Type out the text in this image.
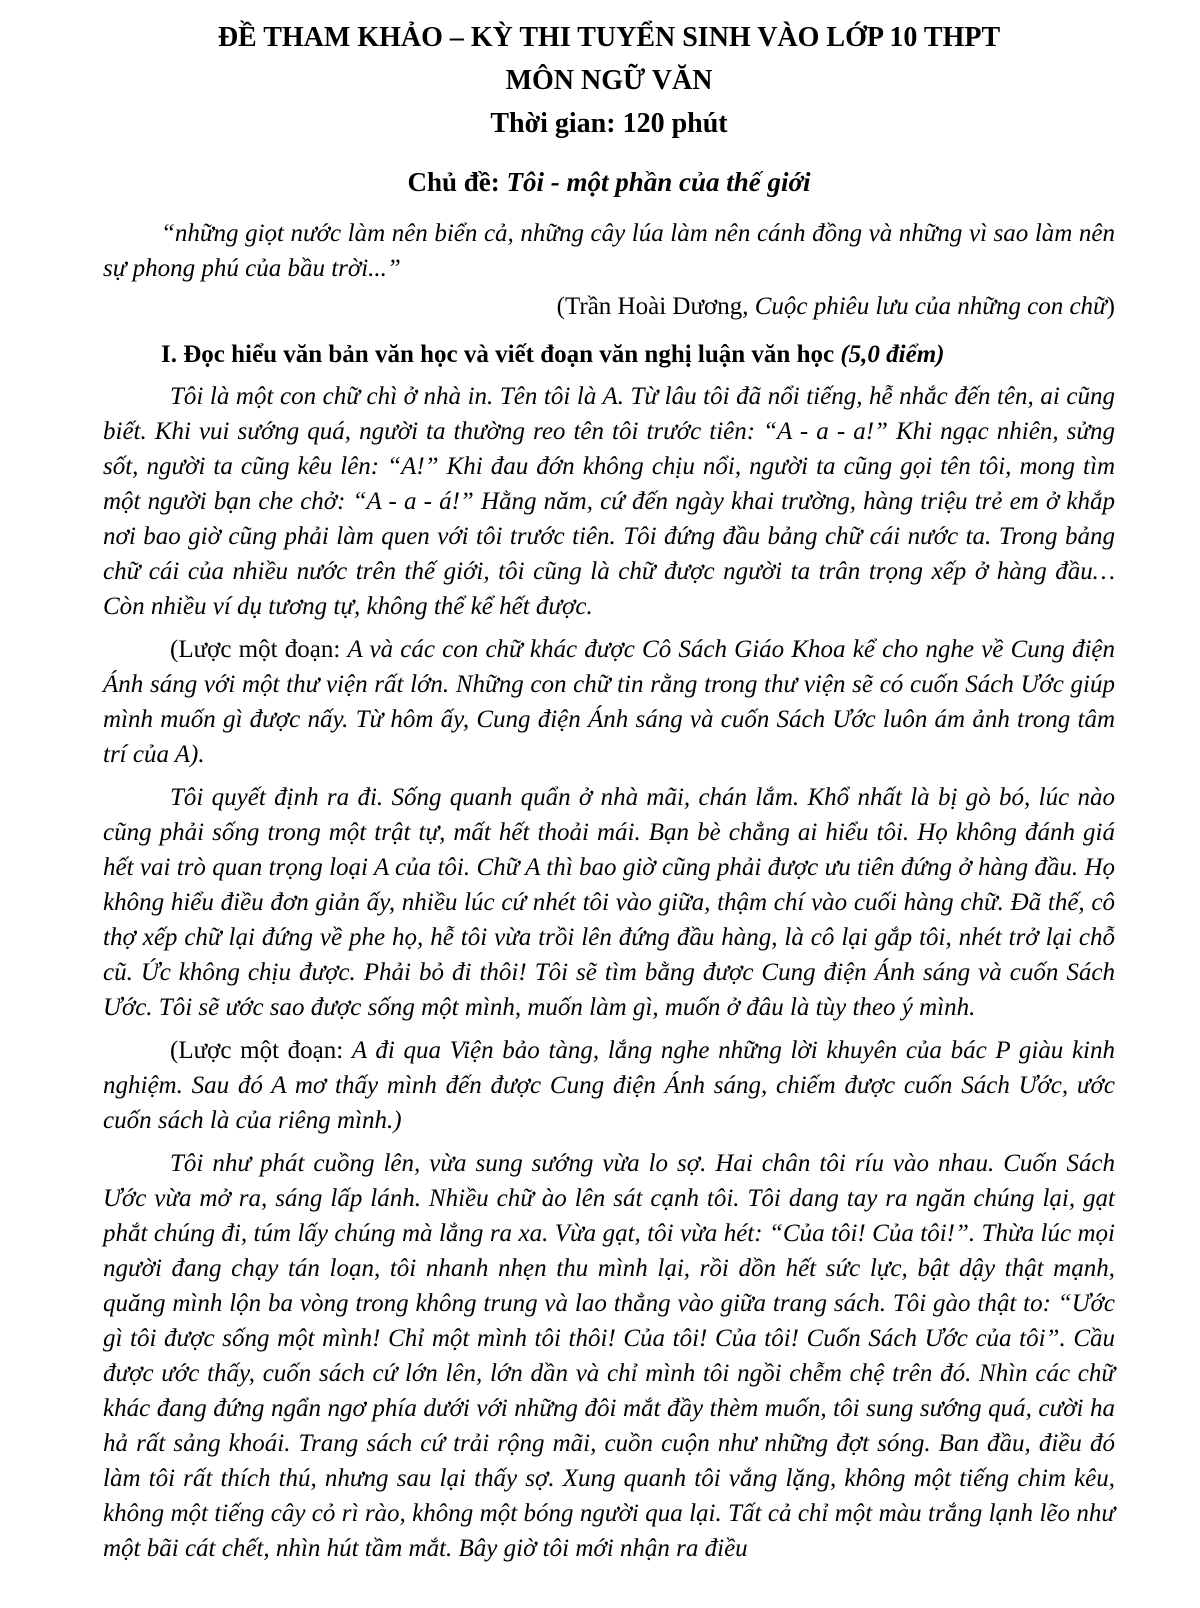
ĐỀ THAM KHẢO – KỲ THI TUYỂN SINH VÀO LỚP 10 THPT
MÔN NGỮ VĂN
Thời gian: 120 phút

Chủ đề: Tôi - một phần của thế giới

“những giọt nước làm nên biển cả, những cây lúa làm nên cánh đồng và những vì sao làm nên sự phong phú của bầu trời...”

(Trần Hoài Dương, Cuộc phiêu lưu của những con chữ)

I. Đọc hiểu văn bản văn học và viết đoạn văn nghị luận văn học (5,0 điểm)

Tôi là một con chữ chì ở nhà in. Tên tôi là A. Từ lâu tôi đã nổi tiếng, hễ nhắc đến tên, ai cũng biết. Khi vui sướng quá, người ta thường reo tên tôi trước tiên: “A - a - a!” Khi ngạc nhiên, sửng sốt, người ta cũng kêu lên: “A!” Khi đau đớn không chịu nổi, người ta cũng gọi tên tôi, mong tìm một người bạn che chở: “A - a - á!” Hằng năm, cứ đến ngày khai trường, hàng triệu trẻ em ở khắp nơi bao giờ cũng phải làm quen với tôi trước tiên. Tôi đứng đầu bảng chữ cái nước ta. Trong bảng chữ cái của nhiều nước trên thế giới, tôi cũng là chữ được người ta trân trọng xếp ở hàng đầu… Còn nhiều ví dụ tương tự, không thể kể hết được.

(Lược một đoạn: A và các con chữ khác được Cô Sách Giáo Khoa kể cho nghe về Cung điện Ánh sáng với một thư viện rất lớn. Những con chữ tin rằng trong thư viện sẽ có cuốn Sách Ước giúp mình muốn gì được nấy. Từ hôm ấy, Cung điện Ánh sáng và cuốn Sách Ước luôn ám ảnh trong tâm trí của A).

Tôi quyết định ra đi. Sống quanh quẩn ở nhà mãi, chán lắm. Khổ nhất là bị gò bó, lúc nào cũng phải sống trong một trật tự, mất hết thoải mái. Bạn bè chẳng ai hiểu tôi. Họ không đánh giá hết vai trò quan trọng loại A của tôi. Chữ A thì bao giờ cũng phải được ưu tiên đứng ở hàng đầu. Họ không hiểu điều đơn giản ấy, nhiều lúc cứ nhét tôi vào giữa, thậm chí vào cuối hàng chữ. Đã thế, cô thợ xếp chữ lại đứng về phe họ, hễ tôi vừa trồi lên đứng đầu hàng, là cô lại gắp tôi, nhét trở lại chỗ cũ. Ức không chịu được. Phải bỏ đi thôi! Tôi sẽ tìm bằng được Cung điện Ánh sáng và cuốn Sách Ước. Tôi sẽ ước sao được sống một mình, muốn làm gì, muốn ở đâu là tùy theo ý mình.

(Lược một đoạn: A đi qua Viện bảo tàng, lắng nghe những lời khuyên của bác P giàu kinh nghiệm. Sau đó A mơ thấy mình đến được Cung điện Ánh sáng, chiếm được cuốn Sách Ước, ước cuốn sách là của riêng mình.)

Tôi như phát cuồng lên, vừa sung sướng vừa lo sợ. Hai chân tôi ríu vào nhau. Cuốn Sách Ước vừa mở ra, sáng lấp lánh. Nhiều chữ ào lên sát cạnh tôi. Tôi dang tay ra ngăn chúng lại, gạt phắt chúng đi, túm lấy chúng mà lẳng ra xa. Vừa gạt, tôi vừa hét: “Của tôi! Của tôi!”. Thừa lúc mọi người đang chạy tán loạn, tôi nhanh nhẹn thu mình lại, rồi dồn hết sức lực, bật dậy thật mạnh, quăng mình lộn ba vòng trong không trung và lao thẳng vào giữa trang sách. Tôi gào thật to: “Ước gì tôi được sống một mình! Chỉ một mình tôi thôi! Của tôi! Của tôi! Cuốn Sách Ước của tôi”. Cầu được ước thấy, cuốn sách cứ lớn lên, lớn dần và chỉ mình tôi ngồi chễm chệ trên đó. Nhìn các chữ khác đang đứng ngẩn ngơ phía dưới với những đôi mắt đầy thèm muốn, tôi sung sướng quá, cười ha hả rất sảng khoái. Trang sách cứ trải rộng mãi, cuồn cuộn như những đợt sóng. Ban đầu, điều đó làm tôi rất thích thú, nhưng sau lại thấy sợ. Xung quanh tôi vắng lặng, không một tiếng chim kêu, không một tiếng cây cỏ rì rào, không một bóng người qua lại. Tất cả chỉ một màu trắng lạnh lẽo như một bãi cát chết, nhìn hút tầm mắt. Bây giờ tôi mới nhận ra điều
